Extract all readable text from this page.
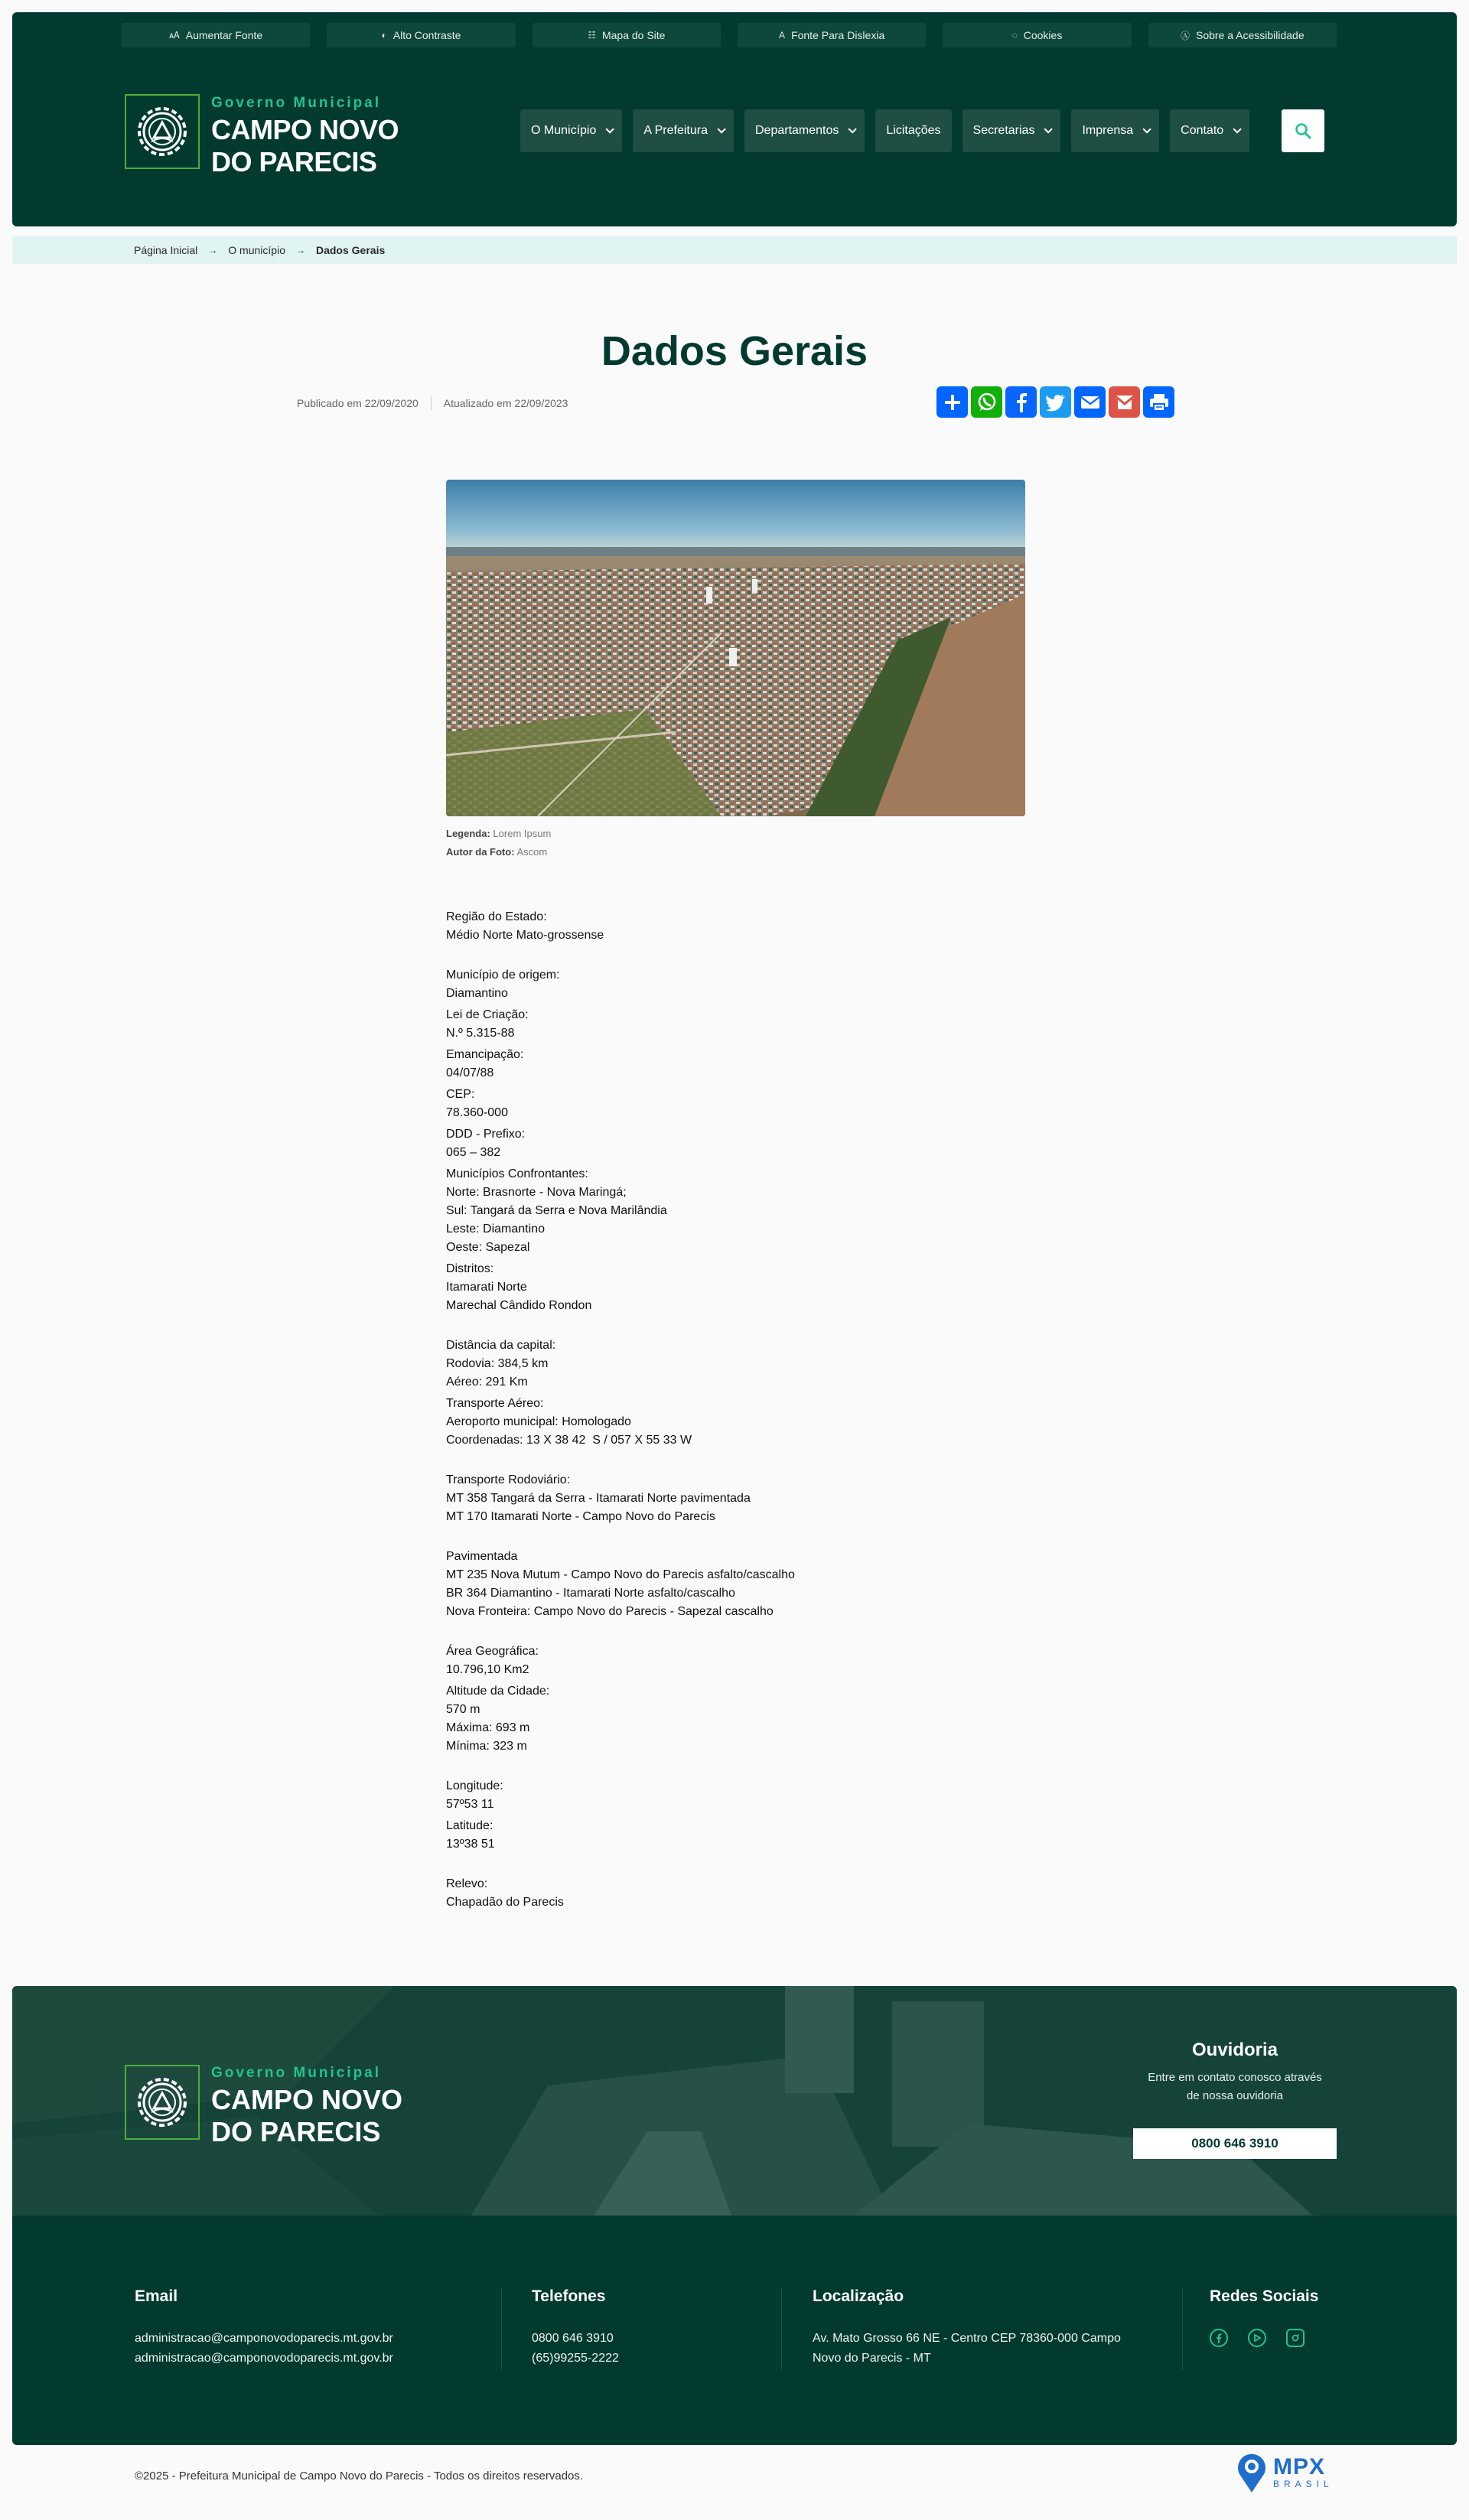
🗚 Aumentar Fonte	◐ Alto Contraste	☷ Mapa do Site	A Fonte Para Dislexia	◌ Cookies	Ⓐ Sobre a Acessibilidade
Governo Municipal
CAMPO NOVO
DO PARECIS
O Município	A Prefeitura	Departamentos	Licitações	Secretarias	Imprensa	Contato
Página Inicial → O município → Dados Gerais
Dados Gerais
Publicado em 22/09/2020 Atualizado em 22/09/2023
Legenda: Lorem Ipsum
Autor da Foto: Ascom
Região do Estado:
Médio Norte Mato-grossense
Município de origem:
Diamantino
Lei de Criação:
N.º 5.315-88
Emancipação:
04/07/88
CEP:
78.360-000
DDD - Prefixo:
065 – 382
Municípios Confrontantes:
Norte: Brasnorte - Nova Maringá;
Sul: Tangará da Serra e Nova Marilândia
Leste: Diamantino
Oeste: Sapezal
Distritos:
Itamarati Norte
Marechal Cândido Rondon
Distância da capital:
Rodovia: 384,5 km
Aéreo: 291 Km
Transporte Aéreo:
Aeroporto municipal: Homologado
Coordenadas: 13 X 38 42  S / 057 X 55 33 W
Transporte Rodoviário:
MT 358 Tangará da Serra - Itamarati Norte pavimentada
MT 170 Itamarati Norte - Campo Novo do Parecis
Pavimentada
MT 235 Nova Mutum - Campo Novo do Parecis asfalto/cascalho
BR 364 Diamantino - Itamarati Norte asfalto/cascalho
Nova Fronteira: Campo Novo do Parecis - Sapezal cascalho
Área Geográfica:
10.796,10 Km2
Altitude da Cidade:
570 m
Máxima: 693 m
Mínima: 323 m
Longitude:
57º53 11
Latitude:
13º38 51
Relevo:
Chapadão do Parecis
Governo Municipal
CAMPO NOVO
DO PARECIS
Ouvidoria
Entre em contato conosco através
de nossa ouvidoria
0800 646 3910
Email
administracao@camponovodoparecis.mt.gov.br
administracao@camponovodoparecis.mt.gov.br
Telefones
0800 646 3910
(65)99255-2222
Localização
Av. Mato Grosso 66 NE - Centro CEP 78360-000 Campo
Novo do Parecis - MT
Redes Sociais
©2025 - Prefeitura Municipal de Campo Novo do Parecis - Todos os direitos reservados.	MPX
BRASIL
